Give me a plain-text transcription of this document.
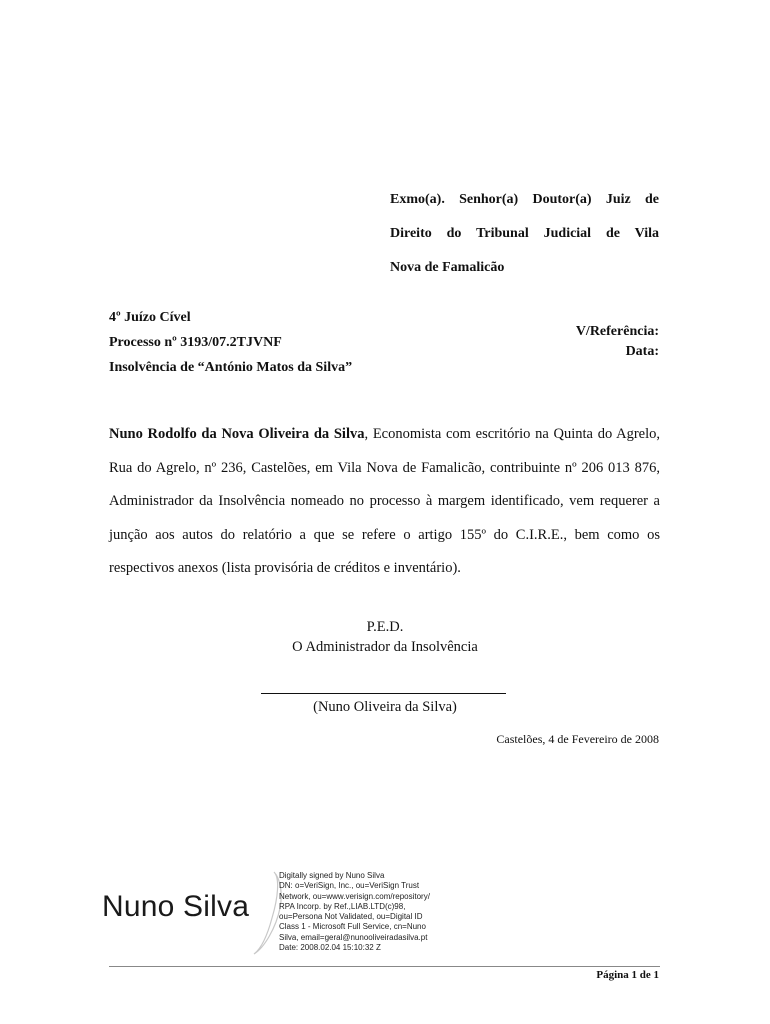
Exmo(a). Senhor(a) Doutor(a) Juiz de
Direito do Tribunal Judicial de Vila
Nova de Famalicão
4º Juízo Cível
Processo nº 3193/07.2TJVNF
Insolvência de “António Matos da Silva”
V/Referência:
Data:
Nuno Rodolfo da Nova Oliveira da Silva, Economista com escritório na Quinta do Agrelo, Rua do Agrelo, nº 236, Castelões, em Vila Nova de Famalicão, contribuinte nº 206 013 876, Administrador da Insolvência nomeado no processo à margem identificado, vem requerer a junção aos autos do relatório a que se refere o artigo 155º do C.I.R.E., bem como os respectivos anexos (lista provisória de créditos e inventário).
P.E.D.
O Administrador da Insolvência
(Nuno Oliveira da Silva)
Castelões, 4 de Fevereiro de 2008
Nuno Silva
Digitally signed by Nuno Silva
DN: o=VeriSign, Inc., ou=VeriSign Trust
Network, ou=www.verisign.com/repository/
RPA Incorp. by Ref.,LIAB.LTD(c)98,
ou=Persona Not Validated, ou=Digital ID
Class 1 - Microsoft Full Service, cn=Nuno
Silva, email=geral@nunooliveiradasilva.pt
Date: 2008.02.04 15:10:32 Z
Página 1 de 1
